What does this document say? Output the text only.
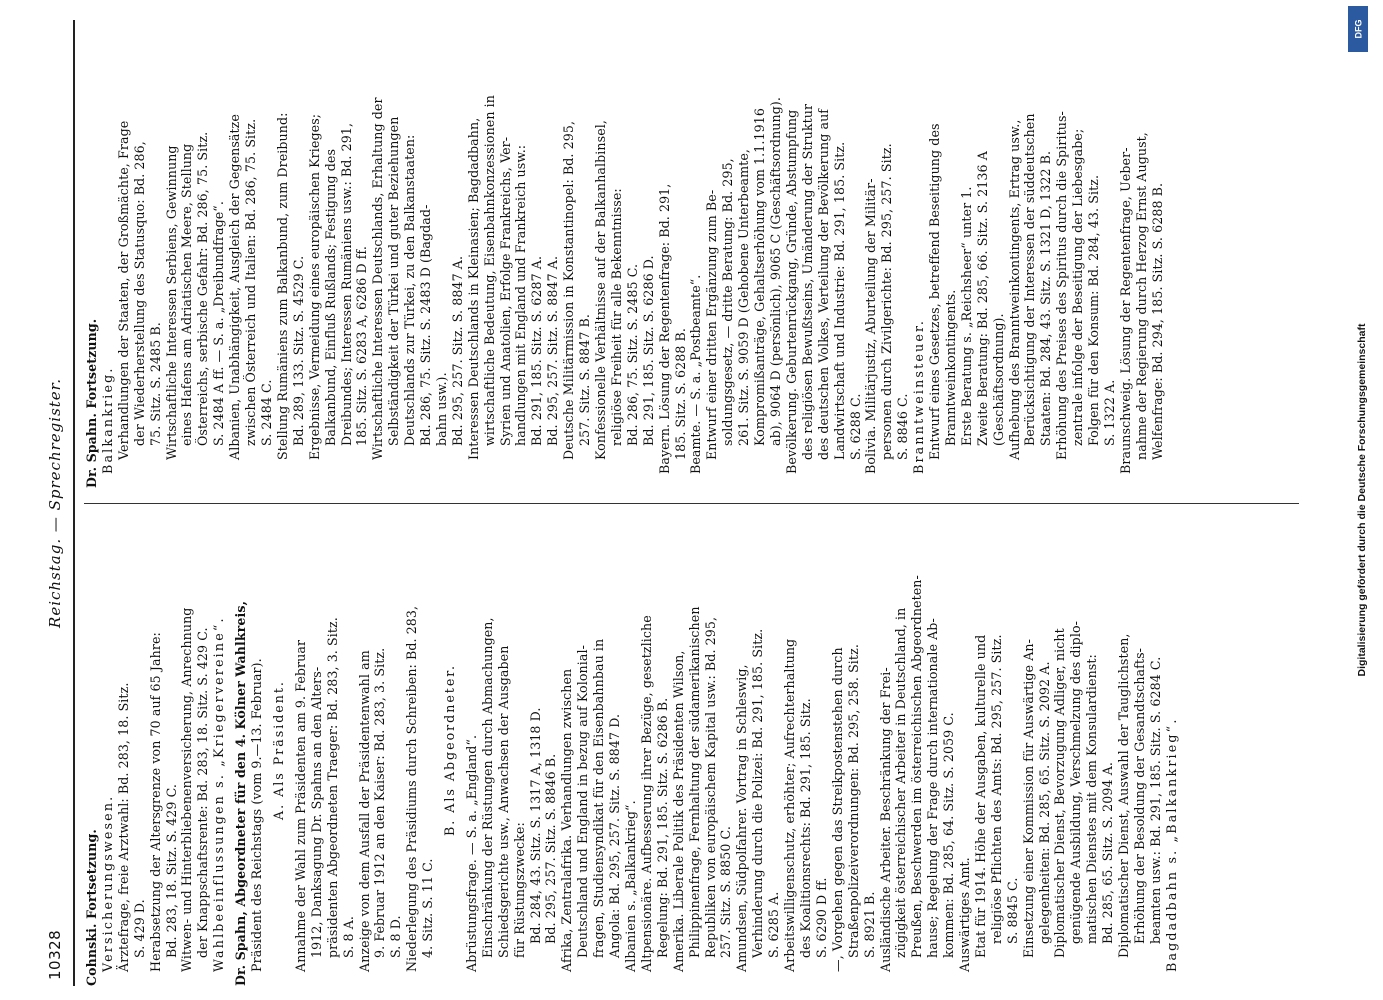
10328
Reichstag. — Sprechregister.

Cohnski. Fortsetzung. Versicherungswesen. Ärztefrage, freie Arztwahl: Bd. 283, 18. Sitz. S. 429 D. Herabsetzung der Altersgrenze von 70 auf 65 Jahre: Bd. 283, 18. Sitz. S. 429 C. Witwen- und Hinterbliebenenversicherung, Anrechnung der Knappschaftsrente: Bd. 283, 18. Sitz. S. 429 C. Wahlbeeinflussungen s. „Kriegervereine“. Dr. Spahn, Abgeordneter für den 4. Kölner Wahlkreis, Präsident des Reichstags (vom 9.—13. Februar). A. Als Präsident. Annahme der Wahl zum Präsidenten am 9. Februar 1912, Danksagung Dr. Spahns an den Alters- präsidenten Abgeordneten Traeger: Bd. 283, 3. Sitz. S. 8 A. Anzeige von dem Ausfall der Präsidentenwahl am 9. Februar 1912 an den Kaiser: Bd. 283, 3. Sitz. S. 8 D. Niederlegung des Präsidiums durch Schreiben: Bd. 283, 4. Sitz. S. 11 C.

B. Als Abgeordneter. Abrüstungsfrage. — S. a. „England“. Einschränkung der Rüstungen durch Abmachungen, Schiedsgerichte usw., Anwachsen der Ausgaben für Rüstungszwecke: Bd. 284, 43. Sitz. S. 1317 A, 1318 D. Bd. 295, 257. Sitz. S. 8846 B. Afrika, Zentralafrika. Verhandlungen zwischen Deutschland und England in bezug auf Kolonial- fragen, Studiensyndikat für den Eisenbahnbau in Angola: Bd. 295, 257. Sitz. S. 8847 D. Albanien s. „Balkankrieg“. Altpensionäre. Aufbesserung ihrer Bezüge, gesetzliche Regelung: Bd. 291, 185. Sitz. S. 6286 B. Amerika. Liberale Politik des Präsidenten Wilson, Philippinenfrage, Fernhaltung der südamerikanischen Republiken von europäischem Kapital usw.: Bd. 295, 257. Sitz. S. 8850 C. Amundsen, Südpolfahrer. Vortrag in Schleswig, Verhinderung durch die Polizei: Bd. 291, 185. Sitz. S. 6285 A. Arbeitswilligenschutz, erhöhter; Aufrechterhaltung des Koalitionsrechts: Bd. 291, 185. Sitz. S. 6290 D ff. —, Vorgehen gegen das Streikpostenstehen durch Straßenpolizeiverordnungen: Bd. 295, 258. Sitz. S. 8921 B. Ausländische Arbeiter. Beschränkung der Frei- zügigkeit österreichischer Arbeiter in Deutschland, in Preußen, Beschwerden im österreichischen Abgeordneten- hause; Regelung der Frage durch internationale Ab- kommen: Bd. 285, 64. Sitz. S. 2059 C. Auswärtiges Amt. Etat für 1914. Höhe der Ausgaben, kulturelle und religiöse Pflichten des Amts: Bd. 295, 257. Sitz. S. 8845 C. Einsetzung einer Kommission für Auswärtige An- gelegenheiten: Bd. 285, 65. Sitz. S. 2092 A. Diplomatischer Dienst, Bevorzugung Adliger, nicht genügende Ausbildung, Verschmelzung des diplo- matischen Dienstes mit dem Konsulardienst: Bd. 285, 65. Sitz. S. 2094 A. Diplomatischer Dienst, Auswahl der Tauglichsten, Erhöhung der Besoldung der Gesandtschafts- beamten usw.: Bd. 291, 185. Sitz. S. 6284 C. Bagdadbahn s. „Balkankrieg“.

Dr. Spahn. Fortsetzung. Balkankrieg. Verhandlungen der Staaten, der Großmächte, Frage der Wiederherstellung des Statusquo: Bd. 286, 75. Sitz. S. 2485 B. Wirtschaftliche Interessen Serbiens, Gewinnung eines Hafens am Adriatischen Meere, Stellung Österreichs, serbische Gefahr: Bd. 286, 75. Sitz. S. 2484 A ff. — S. a. „Dreibundfrage“. Albanien, Unabhängigkeit, Ausgleich der Gegensätze zwischen Österreich und Italien: Bd. 286, 75. Sitz. S. 2484 C. Stellung Rumäniens zum Balkanbund, zum Dreibund: Bd. 289, 133. Sitz. S. 4529 C. Ergebnisse, Vermeidung eines europäischen Krieges; Balkanbund, Einfluß Rußlands; Festigung des Dreibundes; Interessen Rumäniens usw.: Bd. 291, 185. Sitz. S. 6283 A, 6286 D ff. Wirtschaftliche Interessen Deutschlands, Erhaltung der Selbständigkeit der Türkei und guter Beziehungen Deutschlands zur Türkei, zu den Balkanstaaten: Bd. 286, 75. Sitz. S. 2483 D (Bagdad- bahn usw.). Bd. 295, 257. Sitz. S. 8847 A. Interessen Deutschlands in Kleinasien; Bagdadbahn, wirtschaftliche Bedeutung, Eisenbahnkonzessionen in Syrien und Anatolien, Erfolge Frankreichs, Ver- handlungen mit England und Frankreich usw.: Bd. 291, 185. Sitz. S. 6287 A. Bd. 295, 257. Sitz. S. 8847 A. Deutsche Militärmission in Konstantinopel: Bd. 295, 257. Sitz. S. 8847 B. Konfessionelle Verhältnisse auf der Balkanhalbinsel, religiöse Freiheit für alle Bekenntnisse: Bd. 286, 75. Sitz. S. 2485 C. Bd. 291, 185. Sitz. S. 6286 D. Bayern. Lösung der Regentenfrage: Bd. 291, 185. Sitz. S. 6288 B. Beamte. — S. a. „Postbeamte“. Entwurf einer dritten Ergänzung zum Be- soldungsgesetz, — dritte Beratung: Bd. 295, 261. Sitz. S. 9059 D (Gehobene Unterbeamte, Kompromißanträge, Gehaltserhöhung vom 1.1.1916 ab), 9064 D (persönlich), 9065 C (Geschäftsordnung). Bevölkerung. Geburtenrückgang, Gründe, Abstumpfung des religiösen Bewußtseins, Umänderung der Struktur des deutschen Volkes, Verteilung der Bevölkerung auf Landwirtschaft und Industrie: Bd. 291, 185. Sitz. S. 6288 C. Bolivia. Militärjustiz, Aburteilung der Militär- personen durch Zivilgerichte: Bd. 295, 257. Sitz. S. 8846 C. Branntweinsteuer. Entwurf eines Gesetzes, betreffend Beseitigung des Branntweinkontingents. Erste Beratung s. „Reichsheer“ unter 1. Zweite Beratung: Bd. 285, 66. Sitz. S. 2136 A (Geschäftsordnung). Aufhebung des Branntweinkontingents, Ertrag usw., Berücksichtigung der Interessen der süddeutschen Staaten: Bd. 284, 43. Sitz. S. 1321 D, 1322 B. Erhöhung des Preises des Spiritus durch die Spiritus- zentrale infolge der Beseitigung der Liebesgabe; Folgen für den Konsum: Bd. 284, 43. Sitz. S. 1322 A. Braunschweig. Lösung der Regentenfrage, Ueber- nahme der Regierung durch Herzog Ernst August, Welfenfrage: Bd. 294, 185. Sitz. S. 6288 B.

DFG
Digitalisierung gefördert durch die Deutsche Forschungsgemeinschaft
